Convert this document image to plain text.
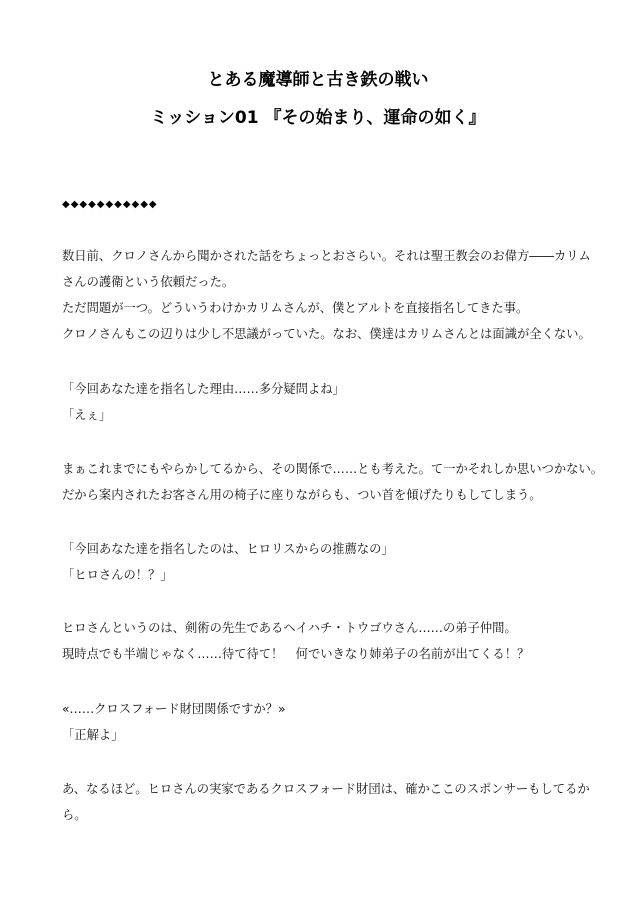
とある魔導師と古き鉄の戦い
ミッション01 『その始まり、運命の如く』
◆◆◆◆◆◆◆◆◆◆◆
数日前、クロノさんから聞かされた話をちょっとおさらい。それは聖王教会のお偉方――カリム
さんの護衛という依頼だった。
ただ問題が一つ。どういうわけかカリムさんが、僕とアルトを直接指名してきた事。
クロノさんもこの辺りは少し不思議がっていた。なお、僕達はカリムさんとは面識が全くない。
「今回あなた達を指名した理由……多分疑問よね」
「えぇ」
まぁこれまでにもやらかしてるから、その関係で……とも考えた。て一かそれしか思いつかない。
だから案内されたお客さん用の椅子に座りながらも、つい首を傾げたりもしてしまう。
「今回あなた達を指名したのは、ヒロリスからの推薦なの」
「ヒロさんの！？」
ヒロさんというのは、剣術の先生であるヘイハチ・トウゴウさん……の弟子仲間。
現時点でも半端じゃなく……待て待て！　何でいきなり姉弟子の名前が出てくる！？
«……クロスフォード財団関係ですか？»
「正解よ」
あ、なるほど。ヒロさんの実家であるクロスフォード財団は、確かここのスポンサーもしてるか
ら。
